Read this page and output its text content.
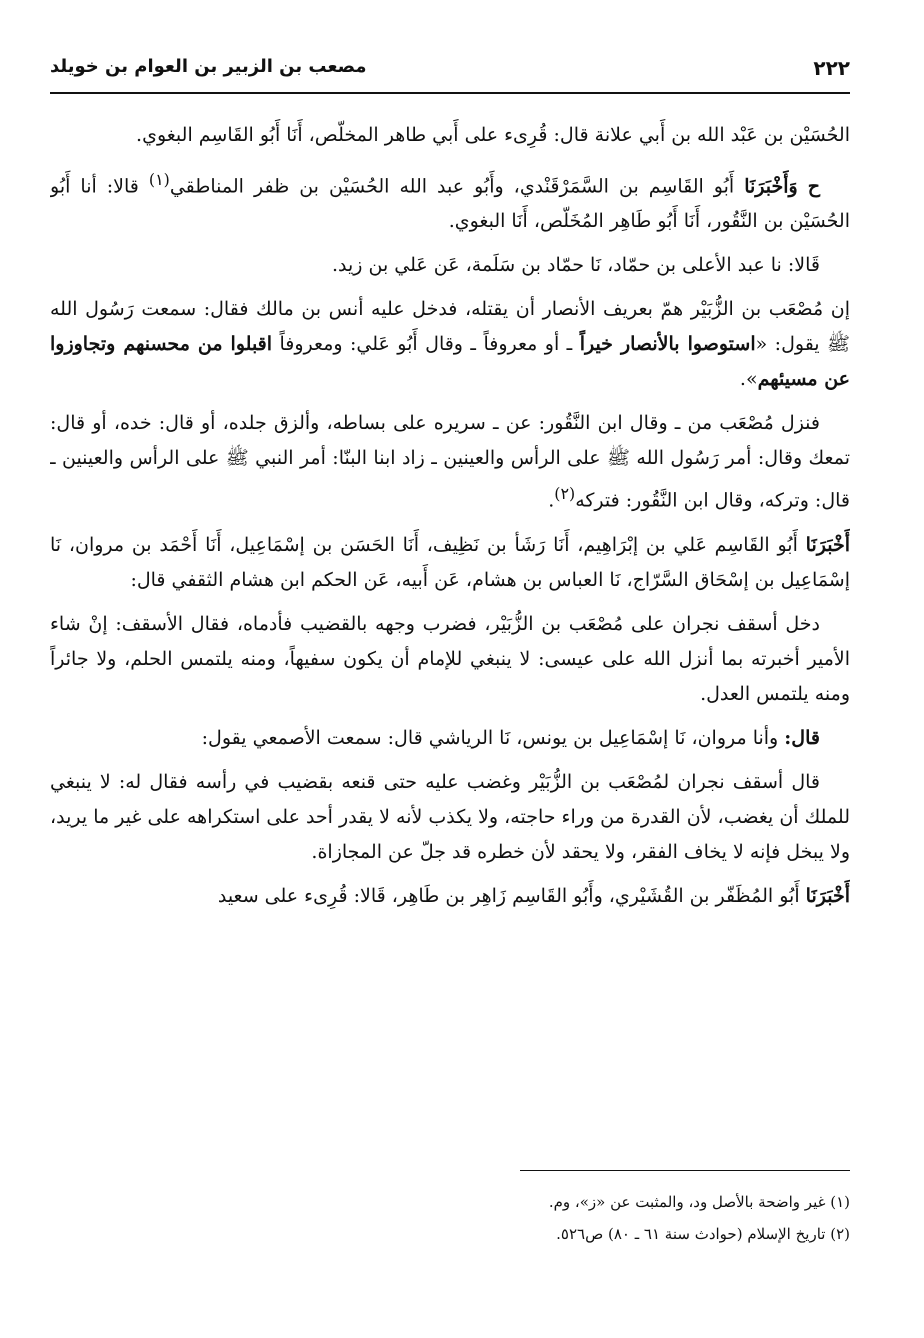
٢٢٢
مصعب بن الزبير بن العوام بن خويلد

الحُسَيْن بن عَبْد الله بن أَبي علانة قال: قُرِىء على أَبي طاهر المخلّص، أَنَا أَبُو القَاسِم البغوي.

ح وَأَخْبَرَنَا أَبُو القَاسِم بن السَّمَرْقَنْدي، وأَبُو عبد الله الحُسَيْن بن ظفر المناطقي$^{(١)}$ قالا: أنا أَبُو الحُسَيْن بن النَّقُور، أَنَا أَبُو طَاهِر المُخَلّص، أَنَا البغوي.

قَالا: نا عبد الأعلى بن حمّاد، نَا حمّاد بن سَلَمة، عَن عَلي بن زيد.

إن مُصْعَب بن الزُّبَيْر همّ بعريف الأنصار أن يقتله، فدخل عليه أنس بن مالك فقال: سمعت رَسُول الله ﷺ يقول: «استوصوا بالأنصار خيراً ـ أو معروفاً ـ وقال أَبُو عَلي: ومعروفاً اقبلوا من محسنهم وتجاوزوا عن مسيئهم».

فنزل مُصْعَب من ـ وقال ابن النَّقُور: عن ـ سريره على بساطه، وألزق جلده، أو قال: خده، أو قال: تمعك وقال: أمر رَسُول الله ﷺ على الرأس والعينين ـ زاد ابنا البنّا: أمر النبي ﷺ على الرأس والعينين ـ قال: وتركه، وقال ابن النَّقُور: فتركه$^{(٢)}$.

أَخْبَرَنَا أَبُو القَاسِم عَلي بن إبْرَاهِيم، أَنَا رَشَأ بن نَظِيف، أَنَا الحَسَن بن إسْمَاعِيل، أَنَا أَحْمَد بن مروان، نَا إسْمَاعِيل بن إسْحَاق السَّرّاج، نَا العباس بن هشام، عَن أَبيه، عَن الحكم ابن هشام الثقفي قال:

دخل أسقف نجران على مُصْعَب بن الزُّبَيْر، فضرب وجهه بالقضيب فأدماه، فقال الأسقف: إنْ شاء الأمير أخبرته بما أنزل الله على عيسى: لا ينبغي للإمام أن يكون سفيهاً، ومنه يلتمس الحلم، ولا جائراً ومنه يلتمس العدل.

قال: وأنا مروان، نَا إسْمَاعِيل بن يونس، نَا الرياشي قال: سمعت الأصمعي يقول:

قال أسقف نجران لمُصْعَب بن الزُّبَيْر وغضب عليه حتى قنعه بقضيب في رأسه فقال له: لا ينبغي للملك أن يغضب، لأن القدرة من وراء حاجته، ولا يكذب لأنه لا يقدر أحد على استكراهه على غير ما يريد، ولا يبخل فإنه لا يخاف الفقر، ولا يحقد لأن خطره قد جلّ عن المجازاة.

أَخْبَرَنَا أَبُو المُظَفّر بن القُشَيْري، وأَبُو القَاسِم زَاهِر بن طَاهِر، قَالا: قُرِىء على سعيد

(١) غير واضحة بالأصل ود، والمثبت عن «ز»، وم.

(٢) تاريخ الإسلام (حوادث سنة ٦١ ـ ٨٠) ص٥٢٦.
